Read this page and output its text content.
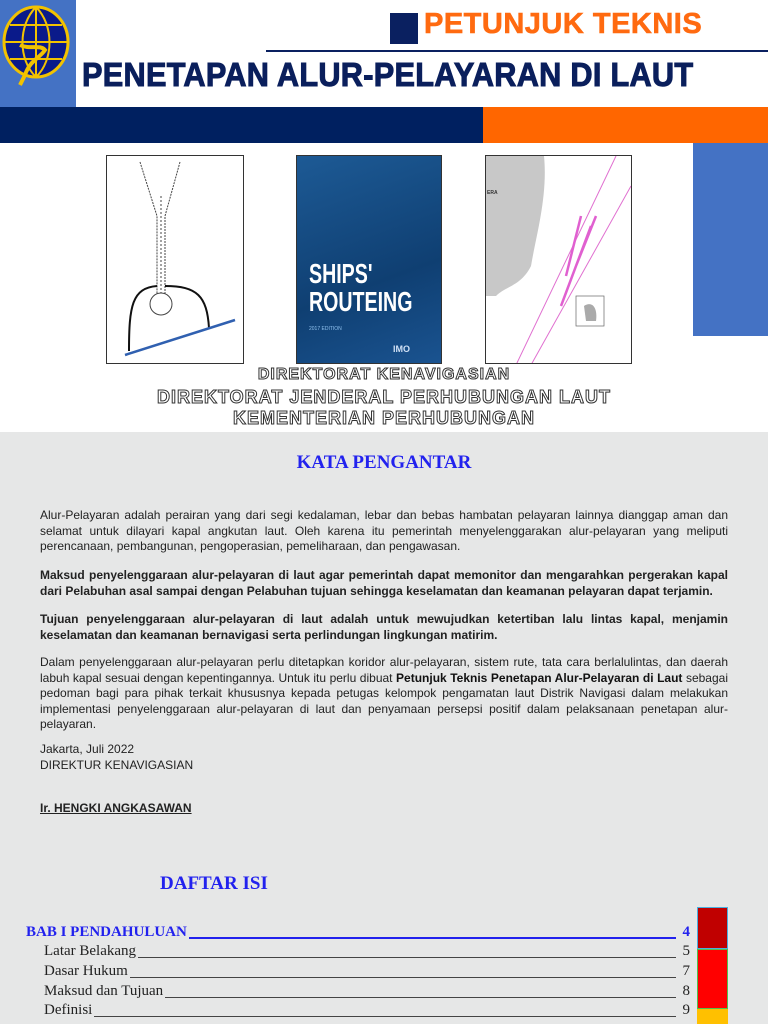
PETUNJUK TEKNIS
PENETAPAN ALUR-PELAYARAN DI LAUT
SHIPS'
ROUTEING
2017 EDITION
IMO
ERA
DIREKTORAT KENAVIGASIAN
DIREKTORAT JENDERAL PERHUBUNGAN LAUT
KEMENTERIAN PERHUBUNGAN
KATA PENGANTAR
Alur-Pelayaran adalah perairan yang dari segi kedalaman, lebar dan bebas hambatan pelayaran lainnya dianggap aman dan selamat untuk dilayari kapal angkutan laut. Oleh karena itu pemerintah menyelenggarakan alur-pelayaran yang meliputi perencanaan, pembangunan, pengoperasian, pemeliharaan, dan pengawasan.
Maksud penyelenggaraan alur-pelayaran di laut agar pemerintah dapat memonitor dan mengarahkan pergerakan kapal dari Pelabuhan asal sampai dengan Pelabuhan tujuan sehingga keselamatan dan keamanan pelayaran dapat terjamin.
Tujuan penyelenggaraan alur-pelayaran di laut adalah untuk mewujudkan ketertiban lalu lintas kapal, menjamin keselamatan dan keamanan bernavigasi serta perlindungan lingkungan matirim.
Dalam penyelenggaraan alur-pelayaran perlu ditetapkan koridor alur-pelayaran, sistem rute, tata cara berlalulintas, dan daerah labuh kapal sesuai dengan kepentingannya. Untuk itu perlu dibuat Petunjuk Teknis Penetapan Alur-Pelayaran di Laut sebagai pedoman bagi para pihak terkait khususnya kepada petugas kelompok pengamatan laut Distrik Navigasi dalam melakukan implementasi penyelenggaraan alur-pelayaran di laut dan penyamaan persepsi positif dalam pelaksanaan penetapan alur-pelayaran.
Jakarta, Juli 2022
DIREKTUR KENAVIGASIAN
Ir. HENGKI ANGKASAWAN
DAFTAR ISI
BAB I PENDAHULUAN	4
Latar Belakang	5
Dasar Hukum	7
Maksud dan Tujuan	8
Definisi	9
